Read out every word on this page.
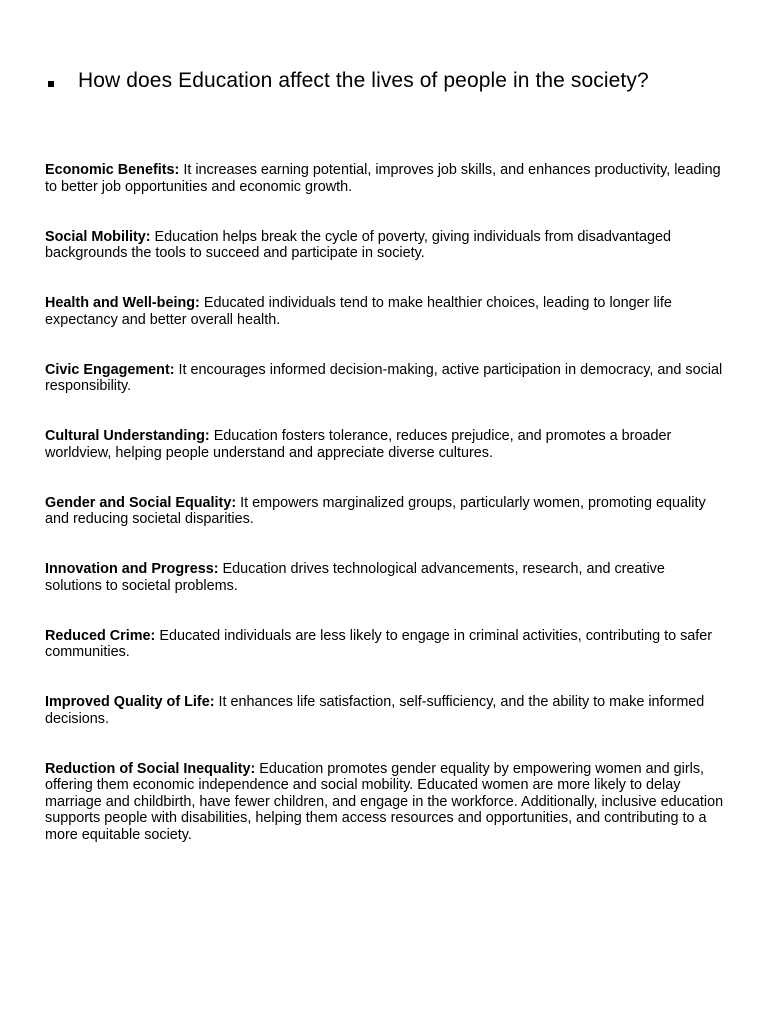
How does Education affect the lives of people in the society?
Economic Benefits: It increases earning potential, improves job skills, and enhances productivity, leading to better job opportunities and economic growth.
Social Mobility: Education helps break the cycle of poverty, giving individuals from disadvantaged backgrounds the tools to succeed and participate in society.
Health and Well-being: Educated individuals tend to make healthier choices, leading to longer life expectancy and better overall health.
Civic Engagement: It encourages informed decision-making, active participation in democracy, and social responsibility.
Cultural Understanding: Education fosters tolerance, reduces prejudice, and promotes a broader worldview, helping people understand and appreciate diverse cultures.
Gender and Social Equality: It empowers marginalized groups, particularly women, promoting equality and reducing societal disparities.
Innovation and Progress: Education drives technological advancements, research, and creative solutions to societal problems.
Reduced Crime: Educated individuals are less likely to engage in criminal activities, contributing to safer communities.
Improved Quality of Life: It enhances life satisfaction, self-sufficiency, and the ability to make informed decisions.
Reduction of Social Inequality: Education promotes gender equality by empowering women and girls, offering them economic independence and social mobility. Educated women are more likely to delay marriage and childbirth, have fewer children, and engage in the workforce. Additionally, inclusive education supports people with disabilities, helping them access resources and opportunities, and contributing to a more equitable society.
